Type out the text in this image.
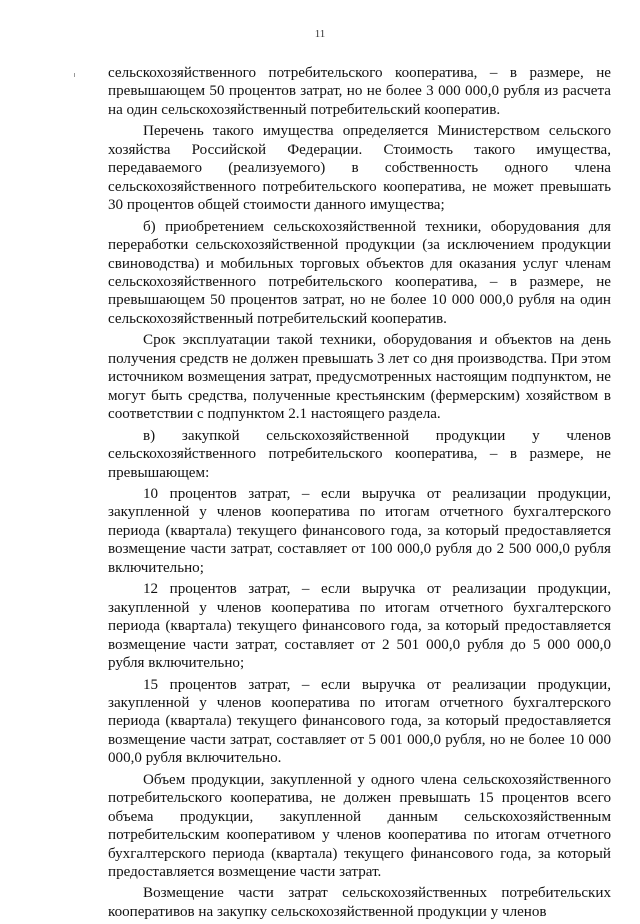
11

сельскохозяйственного потребительского кооператива, – в размере, не превышающем 50 процентов затрат, но не более 3 000 000,0 рубля из расчета на один сельскохозяйственный потребительский кооператив.

Перечень такого имущества определяется Министерством сельского хозяйства Российской Федерации. Стоимость такого имущества, передаваемого (реализуемого) в собственность одного члена сельскохозяйственного потребительского кооператива, не может превышать 30 процентов общей стоимости данного имущества;

б) приобретением сельскохозяйственной техники, оборудования для переработки сельскохозяйственной продукции (за исключением продукции свиноводства) и мобильных торговых объектов для оказания услуг членам сельскохозяйственного потребительского кооператива, – в размере, не превышающем 50 процентов затрат, но не более 10 000 000,0 рубля на один сельскохозяйственный потребительский кооператив.

Срок эксплуатации такой техники, оборудования и объектов на день получения средств не должен превышать 3 лет со дня производства. При этом источником возмещения затрат, предусмотренных настоящим подпунктом, не могут быть средства, полученные крестьянским (фермерским) хозяйством в соответствии с подпунктом 2.1 настоящего раздела.

в) закупкой сельскохозяйственной продукции у членов сельскохозяйственного потребительского кооператива, – в размере, не превышающем:

10 процентов затрат, – если выручка от реализации продукции, закупленной у членов кооператива по итогам отчетного бухгалтерского периода (квартала) текущего финансового года, за который предоставляется возмещение части затрат, составляет от 100 000,0 рубля до 2 500 000,0 рубля включительно;

12 процентов затрат, – если выручка от реализации продукции, закупленной у членов кооператива по итогам отчетного бухгалтерского периода (квартала) текущего финансового года, за который предоставляется возмещение части затрат, составляет от 2 501 000,0 рубля до 5 000 000,0 рубля включительно;

15 процентов затрат, – если выручка от реализации продукции, закупленной у членов кооператива по итогам отчетного бухгалтерского периода (квартала) текущего финансового года, за который предоставляется возмещение части затрат, составляет от 5 001 000,0 рубля, но не более 10 000 000,0 рубля включительно.

Объем продукции, закупленной у одного члена сельскохозяйственного потребительского кооператива, не должен превышать 15 процентов всего объема продукции, закупленной данным сельскохозяйственным потребительским кооперативом у членов кооператива по итогам отчетного бухгалтерского периода (квартала) текущего финансового года, за который предоставляется возмещение части затрат.

Возмещение части затрат сельскохозяйственных потребительских кооперативов на закупку сельскохозяйственной продукции у членов
